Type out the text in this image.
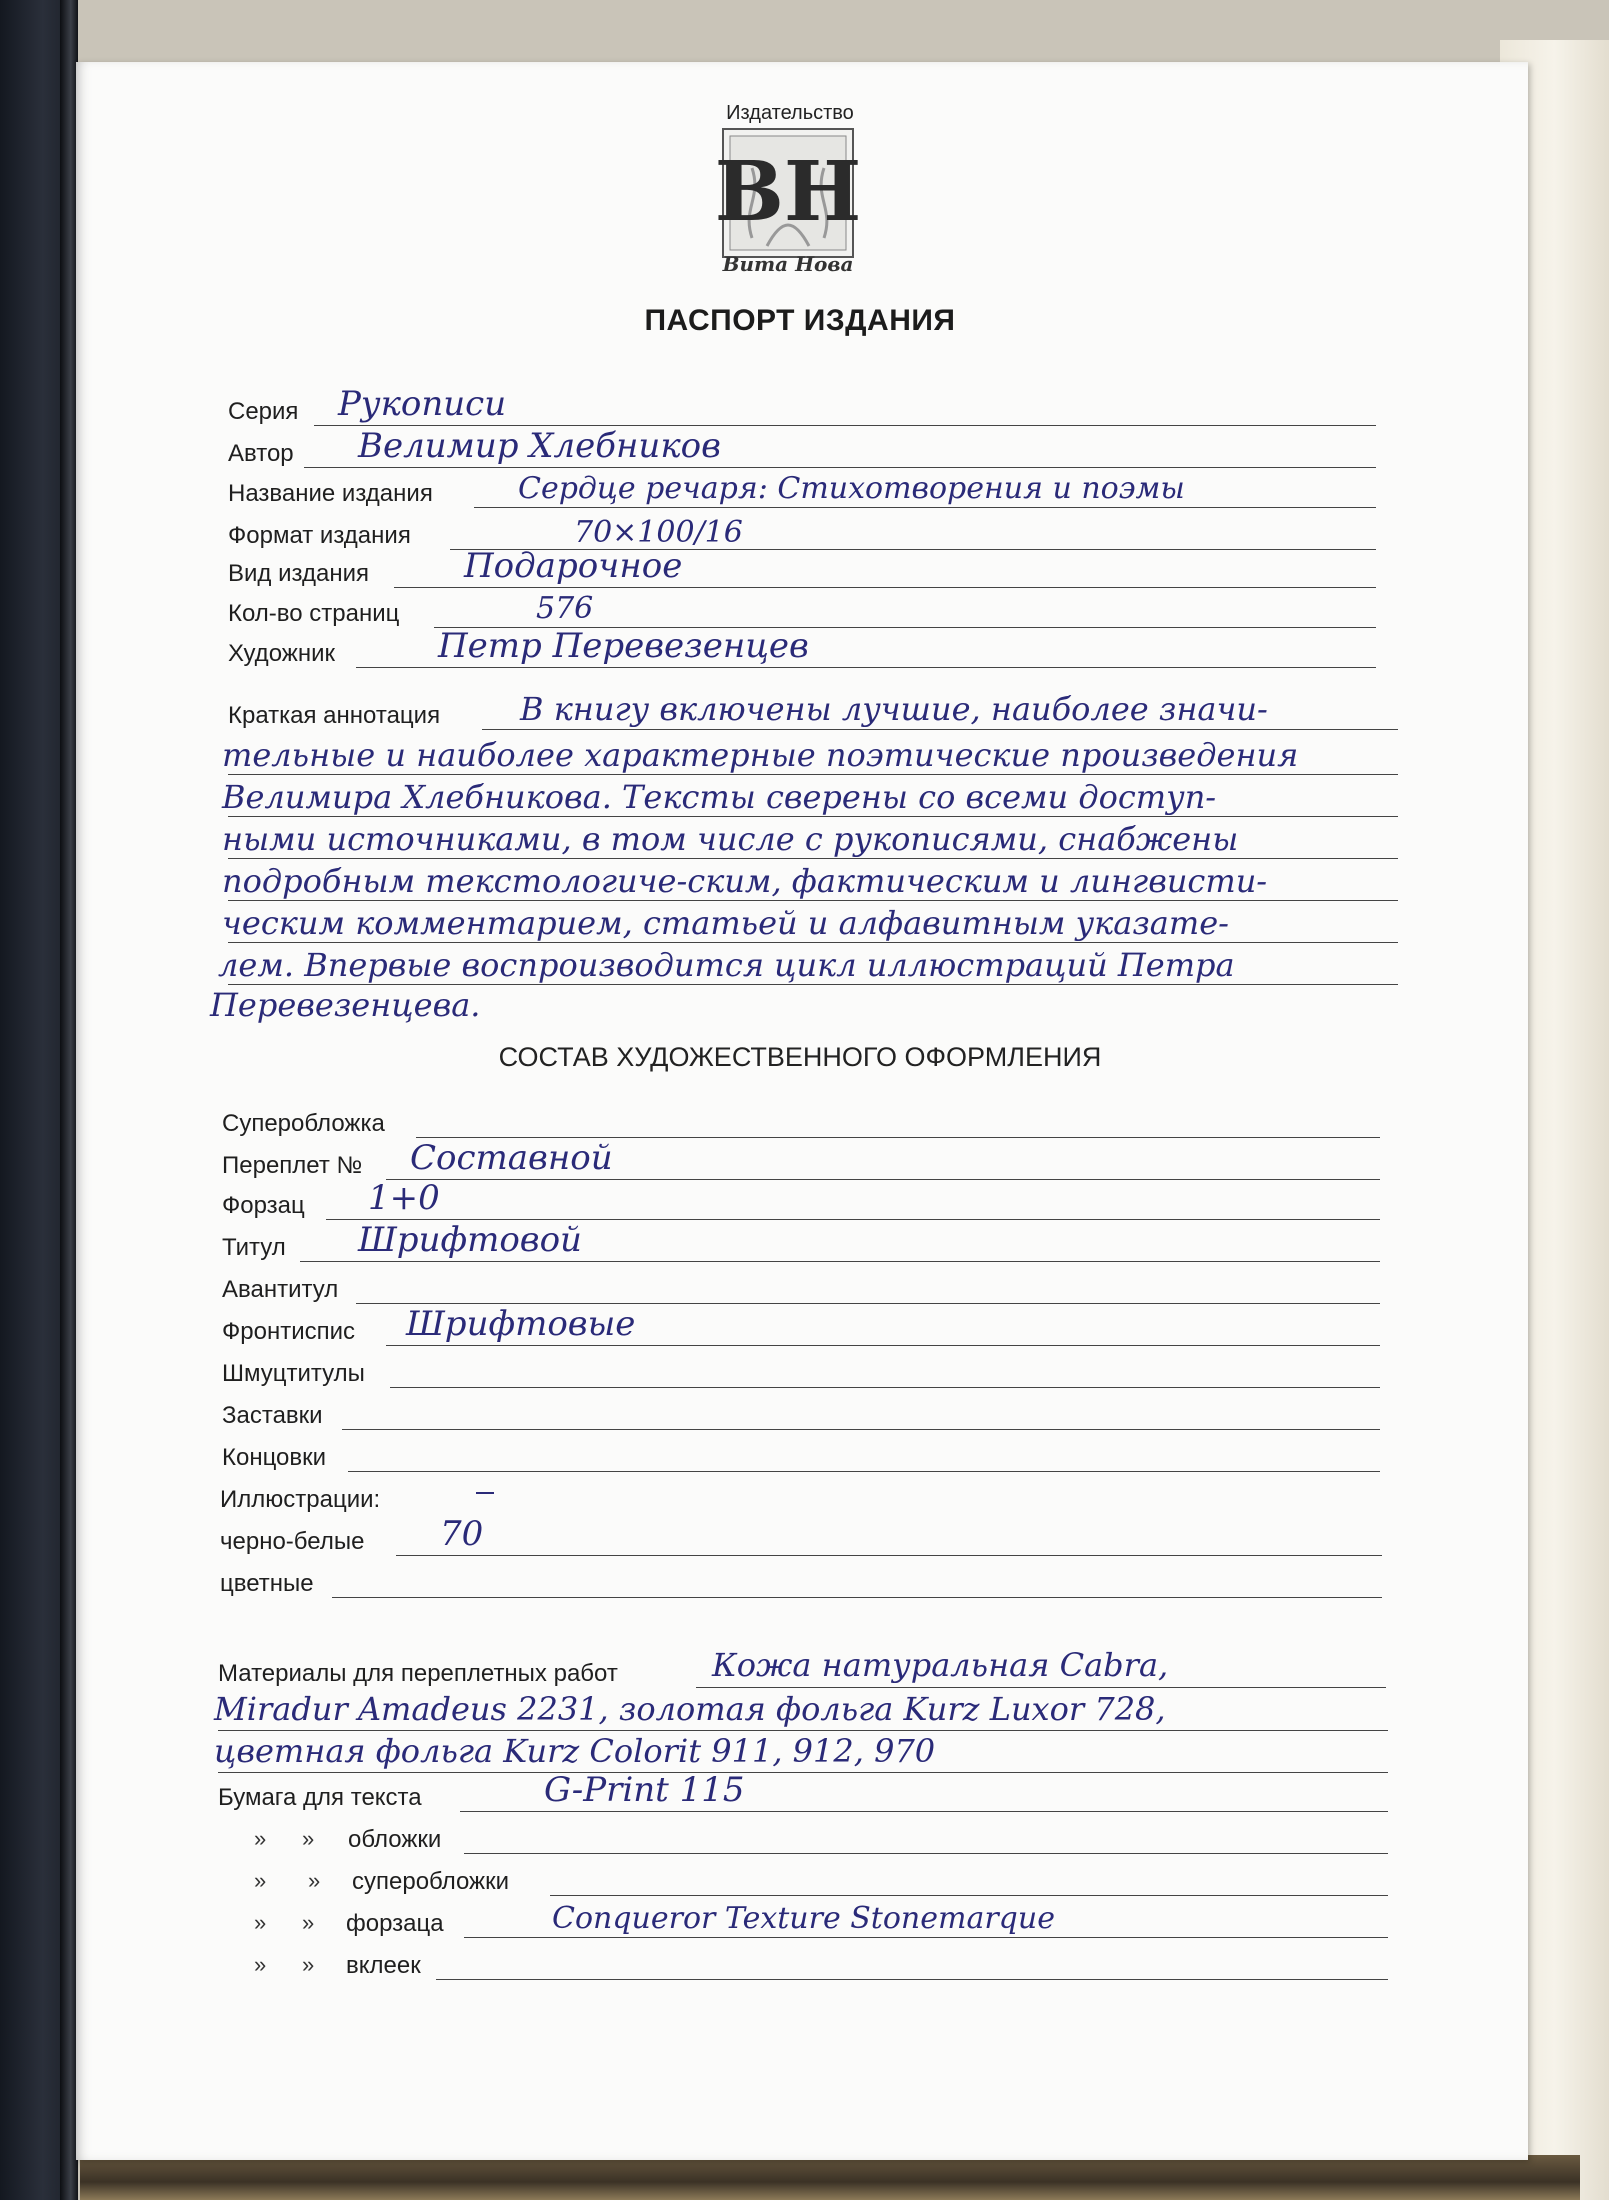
Издательство
ВН
Вита Нова
ПАСПОРТ ИЗДАНИЯ
Серия Рукописи
Автор Велимир Хлебников
Название издания	Сердце речаря: Стихотворения и поэмы
Формат издания	70×100/16
Вид издания	Подарочное
Кол-во страниц	576
Художник	Петр Перевезенцев
Краткая аннотация В книгу включены лучшие, наиболее значи-
тельные и наиболее характерные поэтические произведения
Велимира Хлебникова. Тексты сверены со всеми доступ-
ными источниками, в том числе с рукописями, снабжены
подробным текстологиче-ским, фактическим и лингвисти-
ческим комментарием, статьей и алфавитным указате-
лем. Впервые воспроизводится цикл иллюстраций Петра
Перевезенцева.
СОСТАВ ХУДОЖЕСТВЕННОГО ОФОРМЛЕНИЯ
Суперобложка
Переплет № Составной
Форзац 1+0
Титул Шрифтовой
Авантитул
Фронтиспис Шрифтовые
Шмуцтитулы
Заставки
Концовки
Иллюстрации:
черно-белые 70
цветные
Материалы для переплетных работ	Кожа натуральная Cabra,
Miradur Amadeus 2231, золотая фольга Kurz Luxor 728,
цветная фольга Kurz Colorit 911, 912, 970
Бумага для текста	G-Print 115
» » обложки
» » суперобложки
» » форзаца	Conqueror Texture Stonemarque
» » вклеек
